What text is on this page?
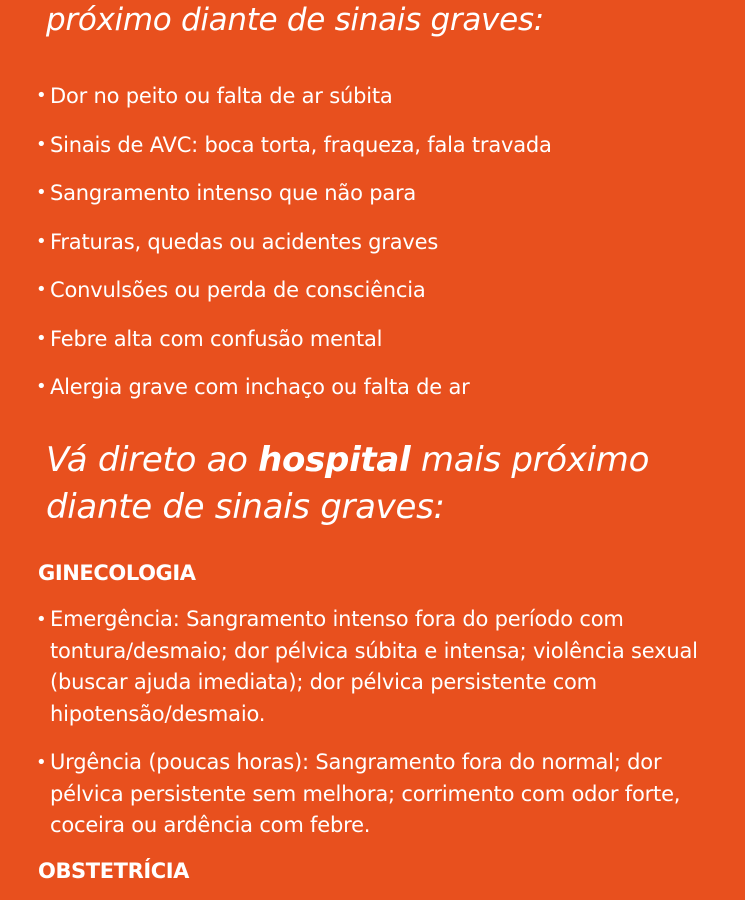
próximo diante de sinais graves:
• Dor no peito ou falta de ar súbita
• Sinais de AVC: boca torta, fraqueza, fala travada
• Sangramento intenso que não para
• Fraturas, quedas ou acidentes graves
• Convulsões ou perda de consciência
• Febre alta com confusão mental
• Alergia grave com inchaço ou falta de ar
Vá direto ao hospital mais próximo diante de sinais graves:
GINECOLOGIA
• Emergência: Sangramento intenso fora do período com tontura/desmaio; dor pélvica súbita e intensa; violência sexual (buscar ajuda imediata); dor pélvica persistente com hipotensão/desmaio.
• Urgência (poucas horas): Sangramento fora do normal; dor pélvica persistente sem melhora; corrimento com odor forte, coceira ou ardência com febre.
OBSTETRÍCIA
